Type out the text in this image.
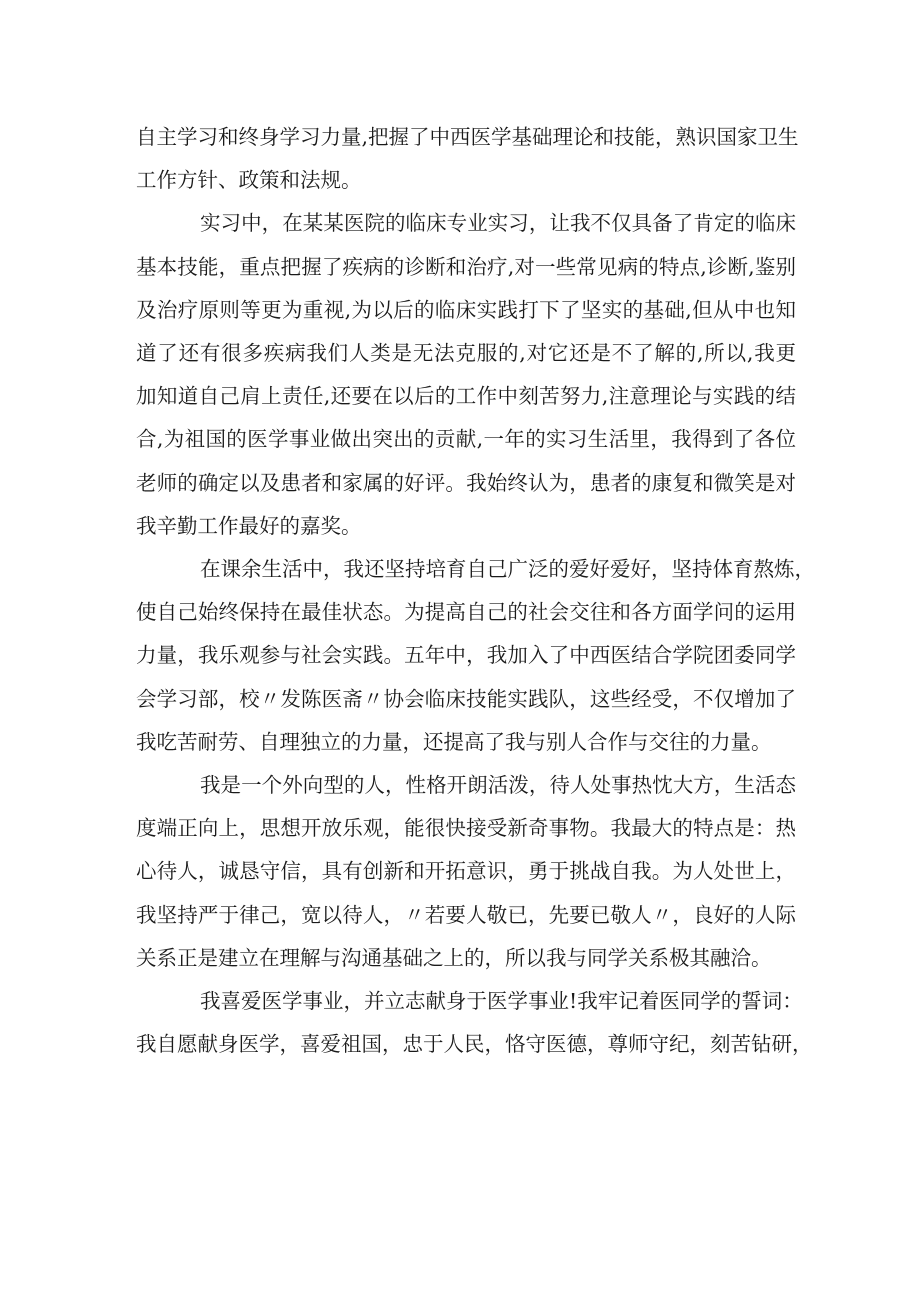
自主学习和终身学习力量,把握了中西医学基础理论和技能，熟识国家卫生
工作方针、政策和法规。
实习中，在某某医院的临床专业实习，让我不仅具备了肯定的临床
基本技能，重点把握了疾病的诊断和治疗,对一些常见病的特点,诊断,鉴别
及治疗原则等更为重视,为以后的临床实践打下了坚实的基础,但从中也知
道了还有很多疾病我们人类是无法克服的,对它还是不了解的,所以,我更
加知道自己肩上责任,还要在以后的工作中刻苦努力,注意理论与实践的结
合,为祖国的医学事业做出突出的贡献,一年的实习生活里，我得到了各位
老师的确定以及患者和家属的好评。我始终认为，患者的康复和微笑是对
我辛勤工作最好的嘉奖。
在课余生活中，我还坚持培育自己广泛的爱好爱好，坚持体育熬炼，
使自己始终保持在最佳状态。为提高自己的社会交往和各方面学问的运用
力量，我乐观参与社会实践。五年中，我加入了中西医结合学院团委同学
会学习部，校〃发陈医斋〃协会临床技能实践队，这些经受，不仅增加了
我吃苦耐劳、自理独立的力量，还提高了我与别人合作与交往的力量。
我是一个外向型的人，性格开朗活泼，待人处事热忱大方，生活态
度端正向上，思想开放乐观，能很快接受新奇事物。我最大的特点是：热
心待人，诚恳守信，具有创新和开拓意识，勇于挑战自我。为人处世上，
我坚持严于律己，宽以待人，〃若要人敬已，先要已敬人〃，良好的人际
关系正是建立在理解与沟通基础之上的，所以我与同学关系极其融洽。
我喜爱医学事业，并立志献身于医学事业!我牢记着医同学的誓词：
我自愿献身医学，喜爱祖国，忠于人民，恪守医德，尊师守纪，刻苦钻研，
